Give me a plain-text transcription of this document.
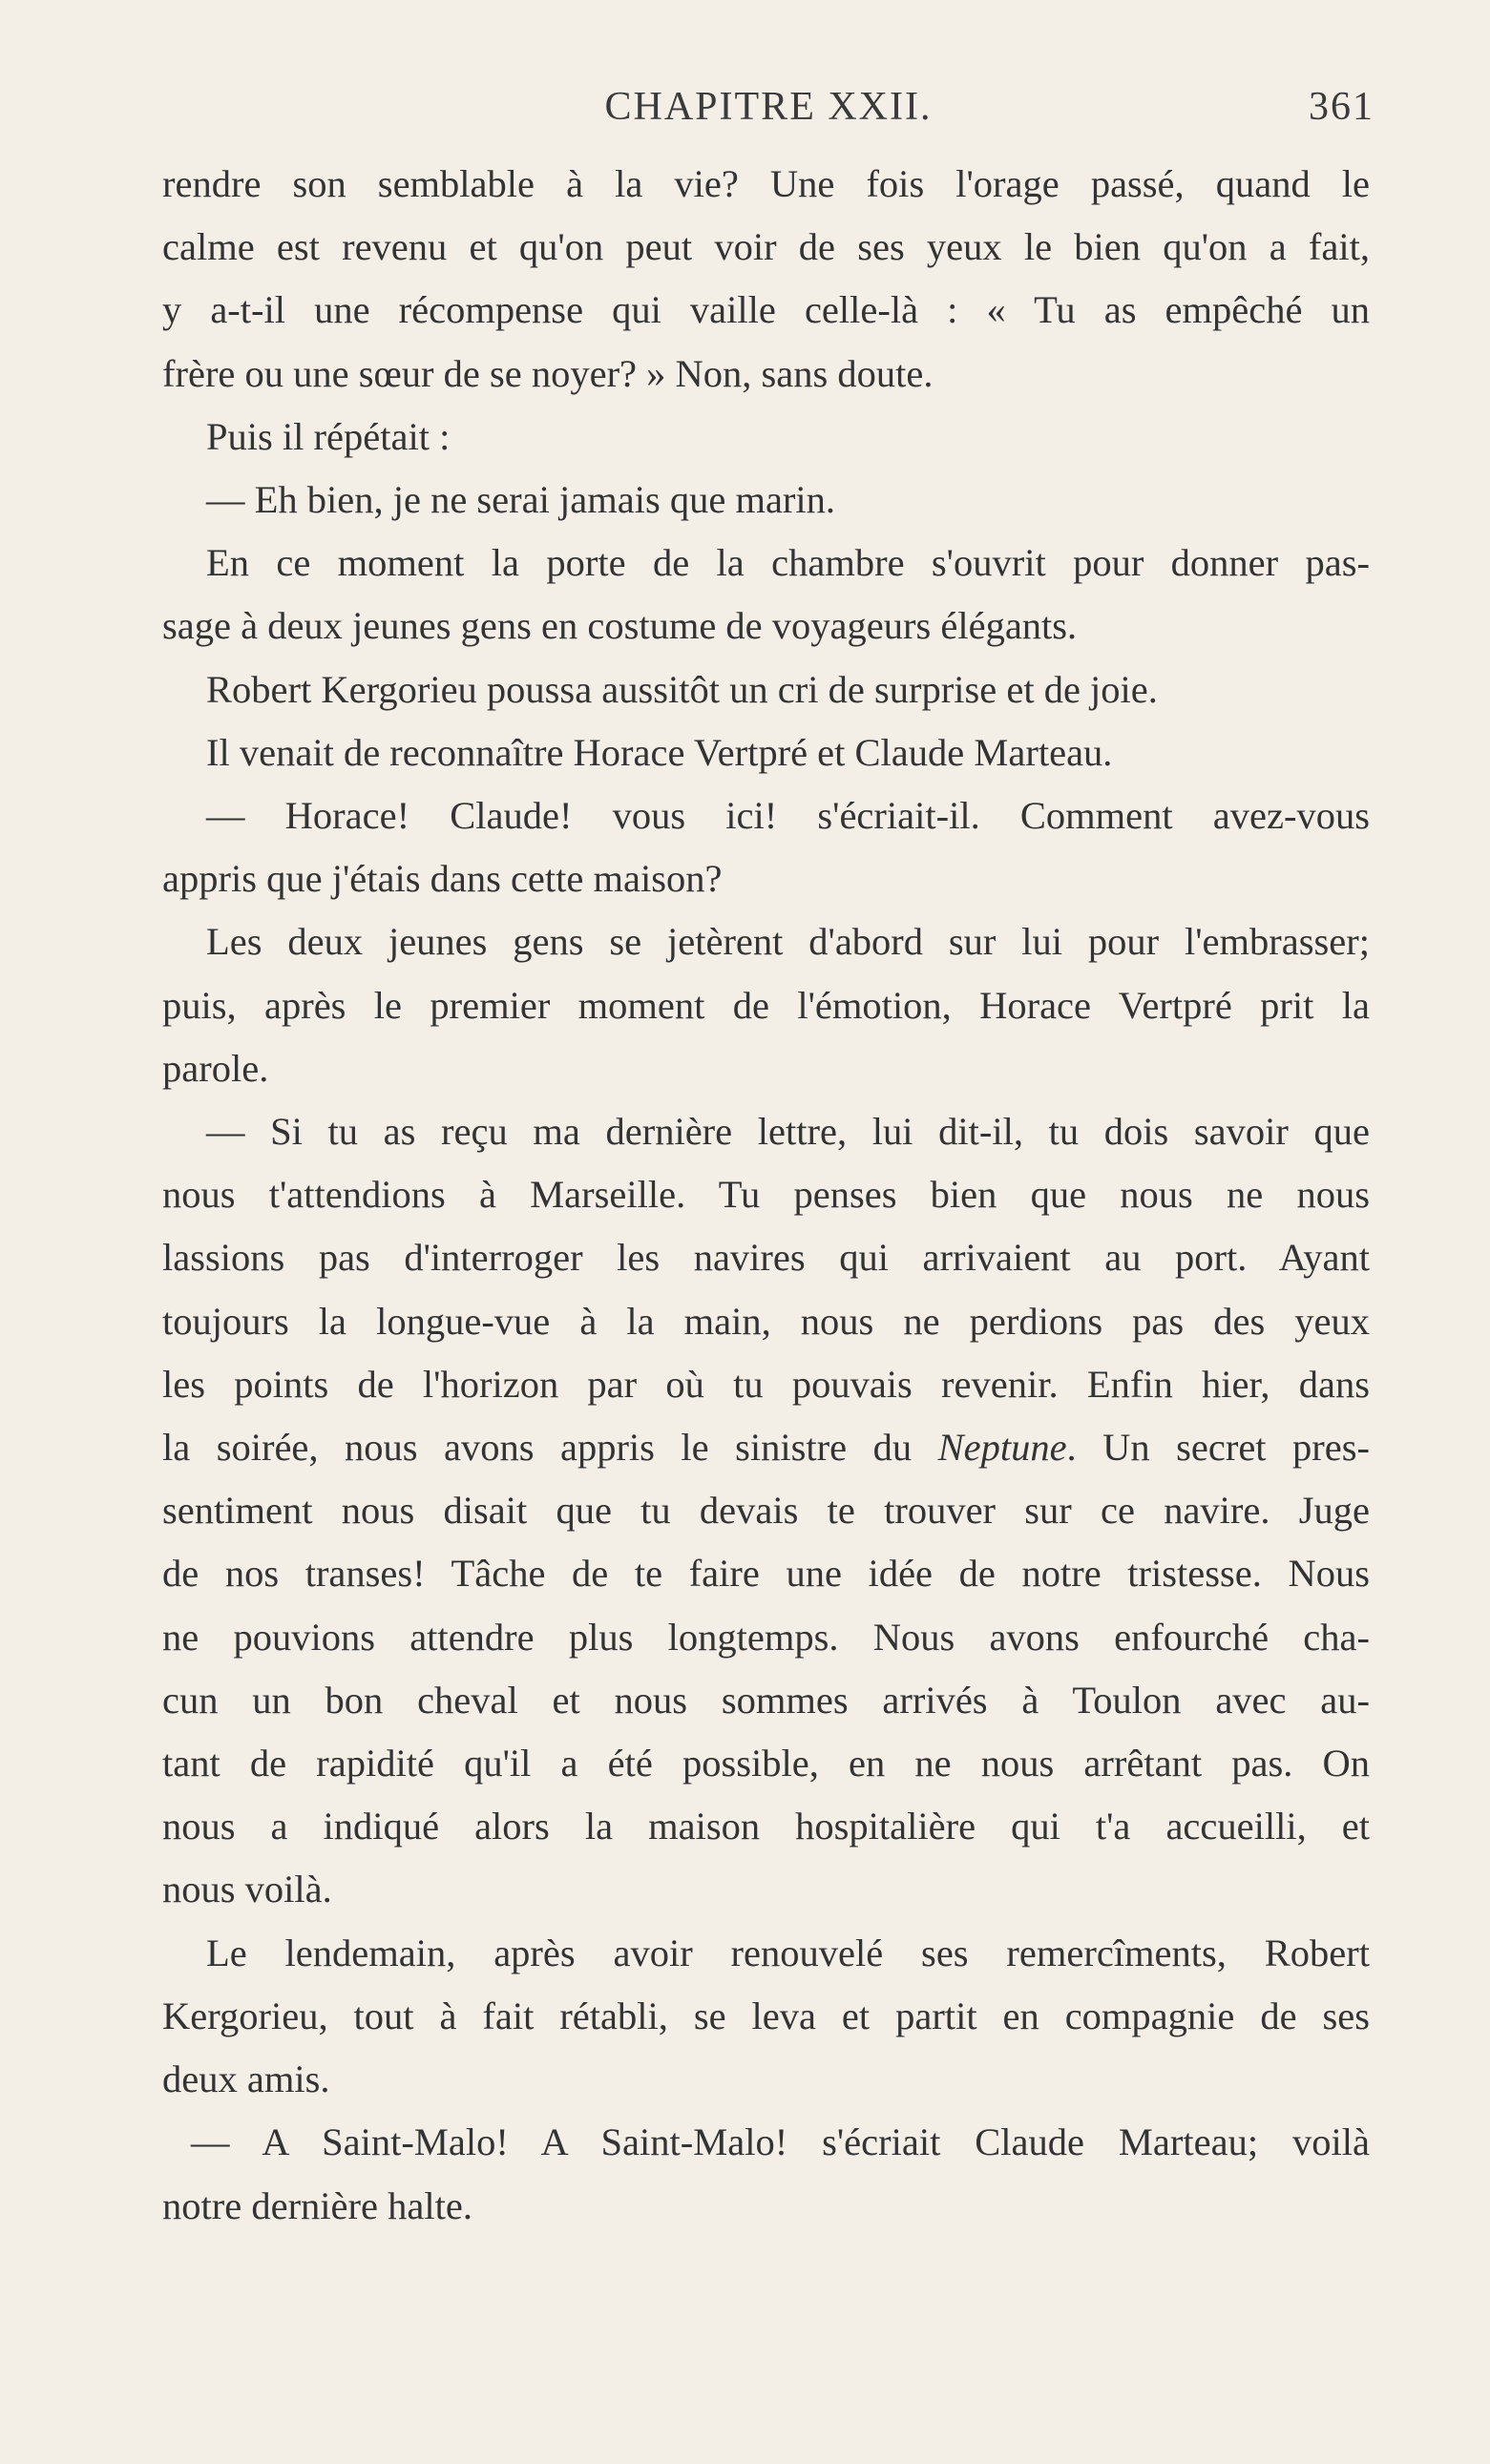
CHAPITRE XXII.	361
rendre son semblable à la vie? Une fois l'orage passé, quand le
calme est revenu et qu'on peut voir de ses yeux le bien qu'on a fait,
y a-t-il une récompense qui vaille celle-là : « Tu as empêché un
frère ou une sœur de se noyer? » Non, sans doute.
Puis il répétait :
— Eh bien, je ne serai jamais que marin.
En ce moment la porte de la chambre s'ouvrit pour donner pas-
sage à deux jeunes gens en costume de voyageurs élégants.
Robert Kergorieu poussa aussitôt un cri de surprise et de joie.
Il venait de reconnaître Horace Vertpré et Claude Marteau.
— Horace! Claude! vous ici! s'écriait-il. Comment avez-vous
appris que j'étais dans cette maison?
Les deux jeunes gens se jetèrent d'abord sur lui pour l'embrasser;
puis, après le premier moment de l'émotion, Horace Vertpré prit la
parole.
— Si tu as reçu ma dernière lettre, lui dit-il, tu dois savoir que
nous t'attendions à Marseille. Tu penses bien que nous ne nous
lassions pas d'interroger les navires qui arrivaient au port. Ayant
toujours la longue-vue à la main, nous ne perdions pas des yeux
les points de l'horizon par où tu pouvais revenir. Enfin hier, dans
la soirée, nous avons appris le sinistre du Neptune. Un secret pres-
sentiment nous disait que tu devais te trouver sur ce navire. Juge
de nos transes! Tâche de te faire une idée de notre tristesse. Nous
ne pouvions attendre plus longtemps. Nous avons enfourché cha-
cun un bon cheval et nous sommes arrivés à Toulon avec au-
tant de rapidité qu'il a été possible, en ne nous arrêtant pas. On
nous a indiqué alors la maison hospitalière qui t'a accueilli, et
nous voilà.
Le lendemain, après avoir renouvelé ses remercîments, Robert
Kergorieu, tout à fait rétabli, se leva et partit en compagnie de ses
deux amis.
— A Saint-Malo! A Saint-Malo! s'écriait Claude Marteau; voilà
notre dernière halte.
